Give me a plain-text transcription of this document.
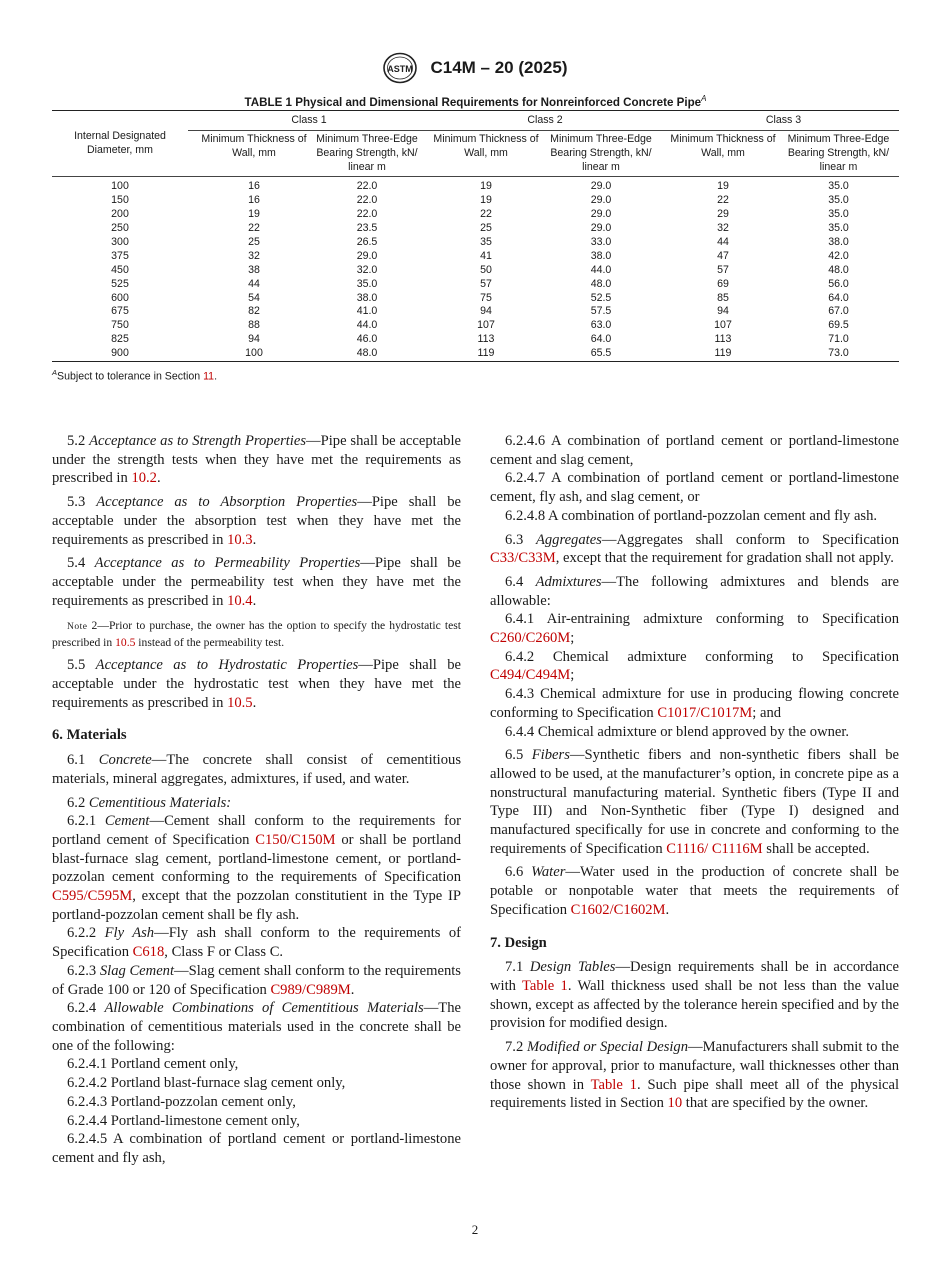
ASTM C14M – 20 (2025)
TABLE 1 Physical and Dimensional Requirements for Nonreinforced Concrete Pipe$^A$
Internal Designated Diameter, mm	Class 1		Class 2		Class 3	
	Minimum Thickness of Wall, mm	Minimum Three-Edge Bearing Strength, kN/ linear m	Minimum Thickness of Wall, mm	Minimum Three-Edge Bearing Strength, kN/ linear m	Minimum Thickness of Wall, mm	Minimum Three-Edge Bearing Strength, kN/ linear m
100	16	22.0	19	29.0	19	35.0
150	16	22.0	19	29.0	22	35.0
200	19	22.0	22	29.0	29	35.0
250	22	23.5	25	29.0	32	35.0
300	25	26.5	35	33.0	44	38.0
375	32	29.0	41	38.0	47	42.0
450	38	32.0	50	44.0	57	48.0
525	44	35.0	57	48.0	69	56.0
600	54	38.0	75	52.5	85	64.0
675	82	41.0	94	57.5	94	67.0
750	88	44.0	107	63.0	107	69.5
825	94	46.0	113	64.0	113	71.0
900	100	48.0	119	65.5	119	73.0
$^A$Subject to tolerance in Section 11.

5.2 Acceptance as to Strength Properties—Pipe shall be acceptable under the strength tests when they have met the requirements as prescribed in 10.2.

5.3 Acceptance as to Absorption Properties—Pipe shall be acceptable under the absorption test when they have met the requirements as prescribed in 10.3.

5.4 Acceptance as to Permeability Properties—Pipe shall be acceptable under the permeability test when they have met the requirements as prescribed in 10.4.

Note 2—Prior to purchase, the owner has the option to specify the hydrostatic test prescribed in 10.5 instead of the permeability test.

5.5 Acceptance as to Hydrostatic Properties—Pipe shall be acceptable under the hydrostatic test when they have met the requirements as prescribed in 10.5.

6. Materials

6.1 Concrete—The concrete shall consist of cementitious materials, mineral aggregates, admixtures, if used, and water.

6.2 Cementitious Materials:

6.2.1 Cement—Cement shall conform to the requirements for portland cement of Specification C150/C150M or shall be portland blast-furnace slag cement, portland-limestone cement, or portland-pozzolan cement conforming to the requirements of Specification C595/C595M, except that the pozzolan constitutient in the Type IP portland-pozzolan cement shall be fly ash.

6.2.2 Fly Ash—Fly ash shall conform to the requirements of Specification C618, Class F or Class C.

6.2.3 Slag Cement—Slag cement shall conform to the requirements of Grade 100 or 120 of Specification C989/C989M.

6.2.4 Allowable Combinations of Cementitious Materials—The combination of cementitious materials used in the concrete shall be one of the following:

6.2.4.1 Portland cement only,

6.2.4.2 Portland blast-furnace slag cement only,

6.2.4.3 Portland-pozzolan cement only,

6.2.4.4 Portland-limestone cement only,

6.2.4.5 A combination of portland cement or portland-limestone cement and fly ash,

6.2.4.6 A combination of portland cement or portland-limestone cement and slag cement,

6.2.4.7 A combination of portland cement or portland-limestone cement, fly ash, and slag cement, or

6.2.4.8 A combination of portland-pozzolan cement and fly ash.

6.3 Aggregates—Aggregates shall conform to Specification C33/C33M, except that the requirement for gradation shall not apply.

6.4 Admixtures—The following admixtures and blends are allowable:

6.4.1 Air-entraining admixture conforming to Specification C260/C260M;

6.4.2 Chemical admixture conforming to Specification C494/C494M;

6.4.3 Chemical admixture for use in producing flowing concrete conforming to Specification C1017/C1017M; and

6.4.4 Chemical admixture or blend approved by the owner.

6.5 Fibers—Synthetic fibers and non-synthetic fibers shall be allowed to be used, at the manufacturer’s option, in concrete pipe as a nonstructural manufacturing material. Synthetic fibers (Type II and Type III) and Non-Synthetic fiber (Type I) designed and manufactured specifically for use in concrete and conforming to the requirements of Specification C1116/ C1116M shall be accepted.

6.6 Water—Water used in the production of concrete shall be potable or nonpotable water that meets the requirements of Specification C1602/C1602M.

7. Design

7.1 Design Tables—Design requirements shall be in accordance with Table 1. Wall thickness used shall be not less than the value shown, except as affected by the tolerance herein specified and by the provision for modified design.

7.2 Modified or Special Design—Manufacturers shall submit to the owner for approval, prior to manufacture, wall thicknesses other than those shown in Table 1. Such pipe shall meet all of the physical requirements listed in Section 10 that are specified by the owner.

2
